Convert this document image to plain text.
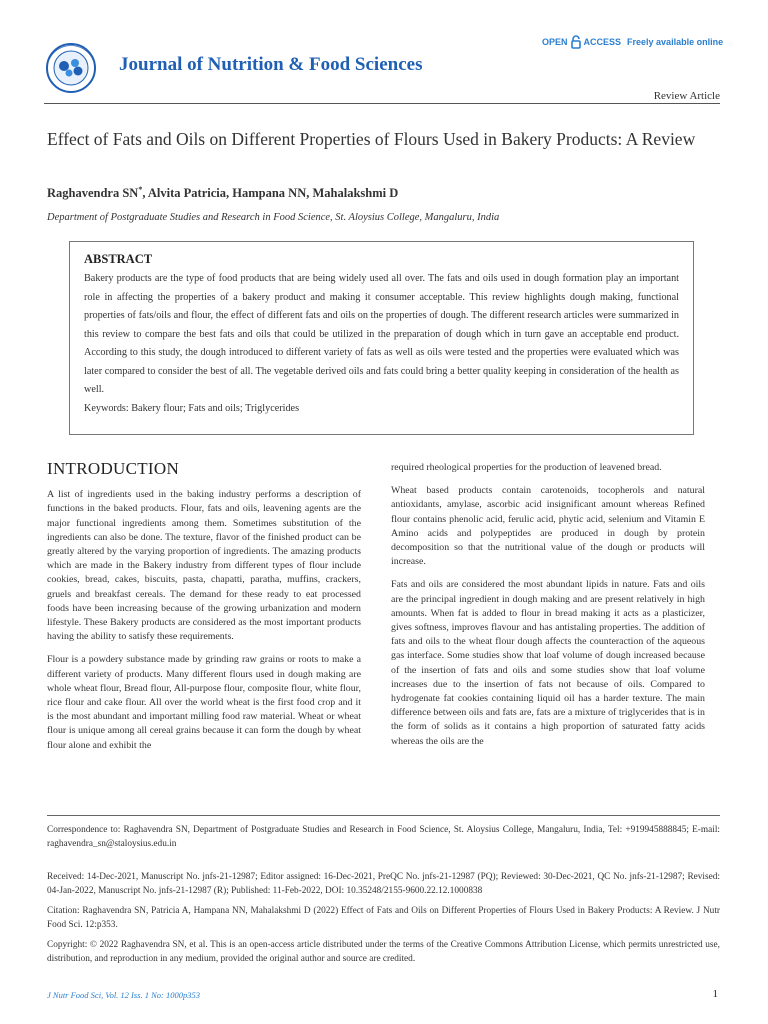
Journal of Nutrition & Food Sciences
OPEN ACCESS Freely available online
Review Article
Effect of Fats and Oils on Different Properties of Flours Used in Bakery Products: A Review
Raghavendra SN*, Alvita Patricia, Hampana NN, Mahalakshmi D
Department of Postgraduate Studies and Research in Food Science, St. Aloysius College, Mangaluru, India
ABSTRACT

Bakery products are the type of food products that are being widely used all over. The fats and oils used in dough formation play an important role in affecting the properties of a bakery product and making it consumer acceptable. This review highlights dough making, functional properties of fats/oils and flour, the effect of different fats and oils on the properties of dough. The different research articles were summarized in this review to compare the best fats and oils that could be utilized in the preparation of dough which in turn gave an acceptable end product. According to this study, the dough introduced to different variety of fats as well as oils were tested and the properties were evaluated which was later compared to consider the best of all. The vegetable derived oils and fats could bring a better quality keeping in consideration of the health as well.

Keywords: Bakery flour; Fats and oils; Triglycerides

INTRODUCTION

A list of ingredients used in the baking industry performs a description of functions in the baked products. Flour, fats and oils, leavening agents are the major functional ingredients among them. Sometimes substitution of the ingredients can also be done. The texture, flavor of the finished product can be greatly altered by the varying proportion of ingredients. The amazing products which are made in the Bakery industry from different types of flour include cookies, bread, cakes, biscuits, pasta, chapatti, paratha, muffins, crackers, gruels and breakfast cereals. The demand for these ready to eat processed foods have been increasing because of the growing urbanization and modern lifestyle. These Bakery products are considered as the most important products having the ability to satisfy these requirements.

Flour is a powdery substance made by grinding raw grains or roots to make a different variety of products. Many different flours used in dough making are whole wheat flour, Bread flour, All-purpose flour, composite flour, white flour, rice flour and cake flour. All over the world wheat is the first food crop and it is the most abundant and important milling food raw material. Wheat or wheat flour is unique among all cereal grains because it can form the dough by wheat flour alone and exhibit the

required rheological properties for the production of leavened bread.

Wheat based products contain carotenoids, tocopherols and natural antioxidants, amylase, ascorbic acid insignificant amount whereas Refined flour contains phenolic acid, ferulic acid, phytic acid, selenium and Vitamin E Amino acids and polypeptides are produced in dough by protein decomposition so that the nutritional value of the dough or products will increase.

Fats and oils are considered the most abundant lipids in nature. Fats and oils are the principal ingredient in dough making and are present relatively in high amounts. When fat is added to flour in bread making it acts as a plasticizer, gives softness, improves flavour and has antistaling properties. The addition of fats and oils to the wheat flour dough affects the counteraction of the aqueous gas interface. Some studies show that loaf volume of dough increased because of the insertion of fats and oils and some studies show that loaf volume increases due to the insertion of fats not because of oils. Compared to hydrogenate fat cookies containing liquid oil has a harder texture. The main difference between oils and fats are, fats are a mixture of triglycerides that is in the form of solids as it contains a high proportion of saturated fatty acids whereas the oils are the

Correspondence to: Raghavendra SN, Department of Postgraduate Studies and Research in Food Science, St. Aloysius College, Mangaluru, India, Tel: +919945888845; E-mail: raghavendra_sn@staloysius.edu.in

Received: 14-Dec-2021, Manuscript No. jnfs-21-12987; Editor assigned: 16-Dec-2021, PreQC No. jnfs-21-12987 (PQ); Reviewed: 30-Dec-2021, QC No. jnfs-21-12987; Revised: 04-Jan-2022, Manuscript No. jnfs-21-12987 (R); Published: 11-Feb-2022, DOI: 10.35248/2155-9600.22.12.1000838

Citation: Raghavendra SN, Patricia A, Hampana NN, Mahalakshmi D (2022) Effect of Fats and Oils on Different Properties of Flours Used in Bakery Products: A Review. J Nutr Food Sci. 12:p353.

Copyright: © 2022 Raghavendra SN, et al. This is an open-access article distributed under the terms of the Creative Commons Attribution License, which permits unrestricted use, distribution, and reproduction in any medium, provided the original author and source are credited.

J Nutr Food Sci, Vol. 12 Iss. 1 No: 1000p353	1
